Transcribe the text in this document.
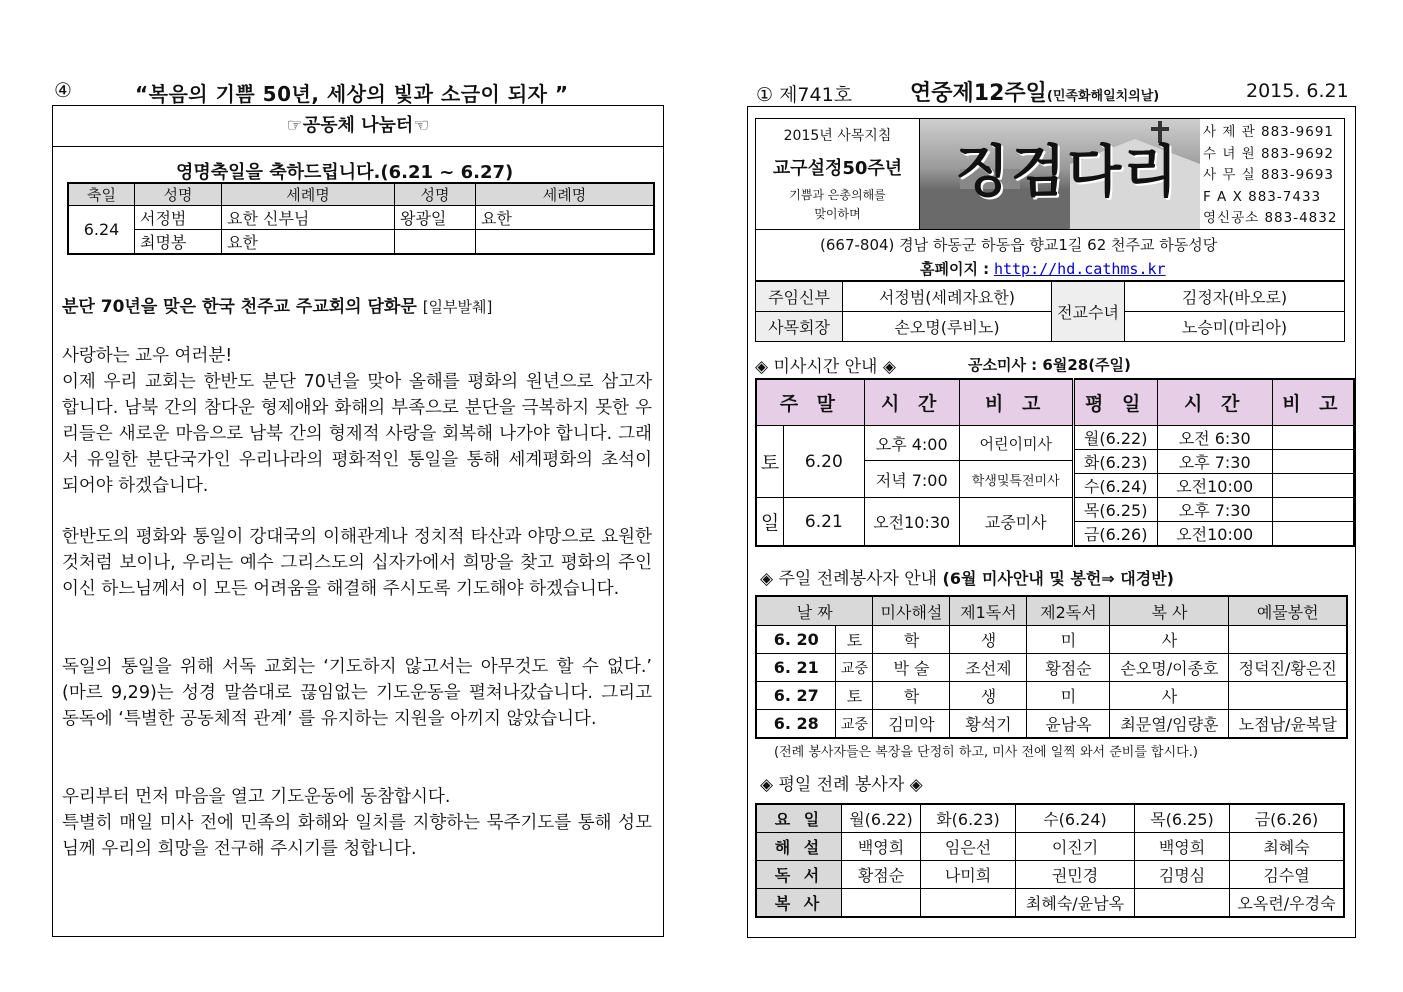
④	“복음의 기쁨 50년, 세상의 빛과 소금이 되자 ”
☞공동체 나눔터☜
영명축일을 축하드립니다.(6.21 ~ 6.27)
축일	성명	세례명	성명	세례명
6.24	서정범	요한 신부님	왕광일	요한
	최명봉	요한		
분단 70년을 맞은 한국 천주교 주교회의 담화문 [일부발췌]
사랑하는 교우 여러분!
이제 우리 교회는 한반도 분단 70년을 맞아 올해를 평화의 원년으로 삼고자 합니다. 남북 간의 참다운 형제애와 화해의 부족으로 분단을 극복하지 못한 우리들은 새로운 마음으로 남북 간의 형제적 사랑을 회복해 나가야 합니다. 그래서 유일한 분단국가인 우리나라의 평화적인 통일을 통해 세계평화의 초석이 되어야 하겠습니다.
한반도의 평화와 통일이 강대국의 이해관계나 정치적 타산과 야망으로 요원한 것처럼 보이나, 우리는 예수 그리스도의 십자가에서 희망을 찾고 평화의 주인이신 하느님께서 이 모든 어려움을 해결해 주시도록 기도해야 하겠습니다.
독일의 통일을 위해 서독 교회는 ‘기도하지 않고서는 아무것도 할 수 없다.’ (마르 9,29)는 성경 말씀대로 끊임없는 기도운동을 펼쳐나갔습니다. 그리고 동독에 ‘특별한 공동체적 관계’ 를 유지하는 지원을 아끼지 않았습니다.
우리부터 먼저 마음을 열고 기도운동에 동참합시다.
특별히 매일 미사 전에 민족의 화해와 일치를 지향하는 묵주기도를 통해 성모님께 우리의 희망을 전구해 주시기를 청합니다.
① 제741호	연중제12주일(민족화해일치의날)	2015. 6.21
2015년 사목지침
교구설정50주년
기쁨과 은총의해를
맞이하며
징검다리
사 제 관 883-9691
수 녀 원 883-9692
사 무 실 883-9693
F A X 883-7433
영신공소 883-4832
(667-804) 경남 하동군 하동읍 향교1길 62 천주교 하동성당
홈페이지 : http://hd.cathms.kr
주임신부	서정범(세례자요한)	전교수녀	김정자(바오로)
사목회장	손오명(루비노)		노승미(마리아)
◈ 미사시간 안내 ◈	공소미사 : 6월28(주일)
주 말		시 간	비 고	평 일	시 간	비 고
토	6.20	오후 4:00	어린이미사	월(6.22)	오전 6:30	
				화(6.23)	오후 7:30	
		저녁 7:00	학생및특전미사			
				수(6.24)	오전10:00	
일	6.21	오전10:30	교중미사	목(6.25)	오후 7:30	
				금(6.26)	오전10:00	
◈ 주일 전례봉사자 안내 (6월 미사안내 및 봉헌⇒ 대경반)
날 짜		미사해설	제1독서	제2독서	복 사	예물봉헌
6. 20	토	학	생	미	사	
6. 21	교중	박 술	조선제	황점순	손오명/이종호	정덕진/황은진
6. 27	토	학	생	미	사	
6. 28	교중	김미악	황석기	윤남옥	최문열/임량훈	노점남/윤복달
(전례 봉사자들은 복장을 단정히 하고, 미사 전에 일찍 와서 준비를 합시다.)
◈ 평일 전례 봉사자 ◈
요 일	월(6.22)	화(6.23)	수(6.24)	목(6.25)	금(6.26)
해 설	백영희	임은선	이진기	백영희	최혜숙
독 서	황점순	나미희	권민경	김명심	김수열
복 사			최혜숙/윤남옥		오옥련/우경숙
